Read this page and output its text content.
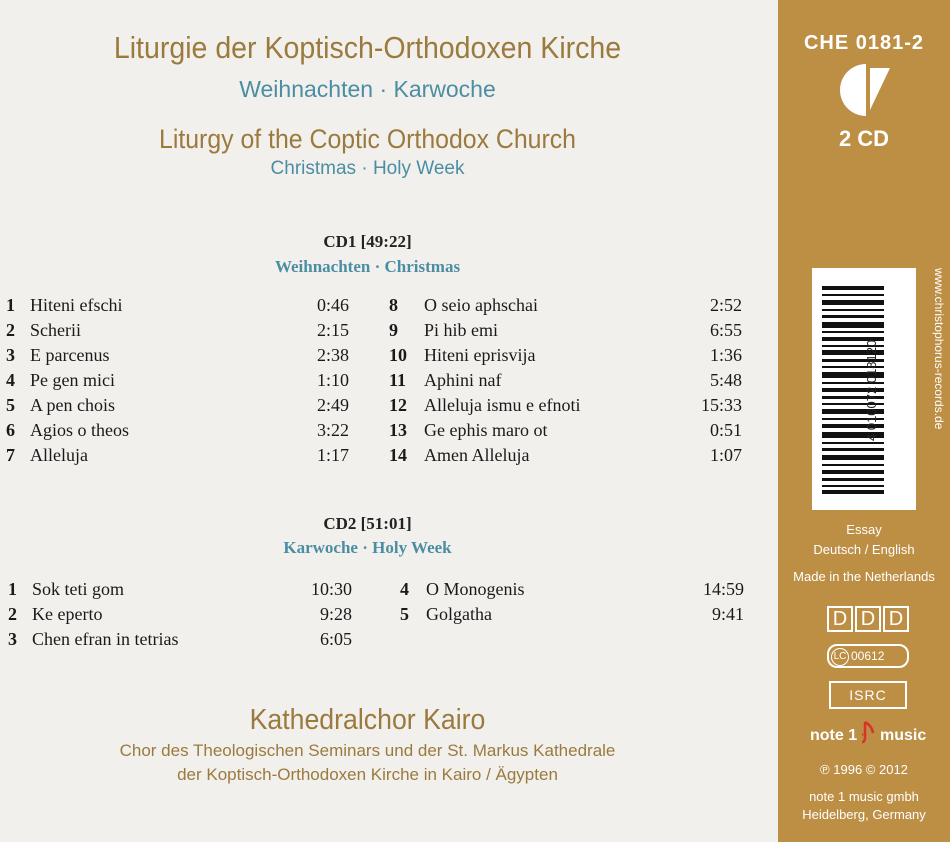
Liturgie der Koptisch-Orthodoxen Kirche
Weihnachten · Karwoche
Liturgy of the Coptic Orthodox Church
Christmas · Holy Week
CD1 [49:22]
Weihnachten · Christmas
1 Hiteni efschi	0:46
2 Scherii	2:15
3 E parcenus	2:38
4 Pe gen mici	1:10
5 A pen chois	2:49
6 Agios o theos	3:22
7 Alleluja	1:17
8 O seio aphschai	2:52
9 Pi hib emi	6:55
10 Hiteni eprisvija	1:36
11 Aphini naf	5:48
12 Alleluja ismu e efnoti	15:33
13 Ge ephis maro ot	0:51
14 Amen Alleluja	1:07
CD2 [51:01]
Karwoche · Holy Week
1 Sok teti gom	10:30
2 Ke eperto	9:28
3 Chen efran in tetrias	6:05
4 O Monogenis	14:59
5 Golgatha	9:41
Kathedralchor Kairo
Chor des Theologischen Seminars und der St. Markus Kathedrale
der Koptisch-Orthodoxen Kirche in Kairo / Ägypten
CHE 0181-2
2 CD
4 010072 018120	www.christophorus-records.de
Essay
Deutsch / English
Made in the Netherlands
D D D
LC 00612
ISRC
note 1 music
℗ 1996 © 2012
note 1 music gmbh
Heidelberg, Germany
